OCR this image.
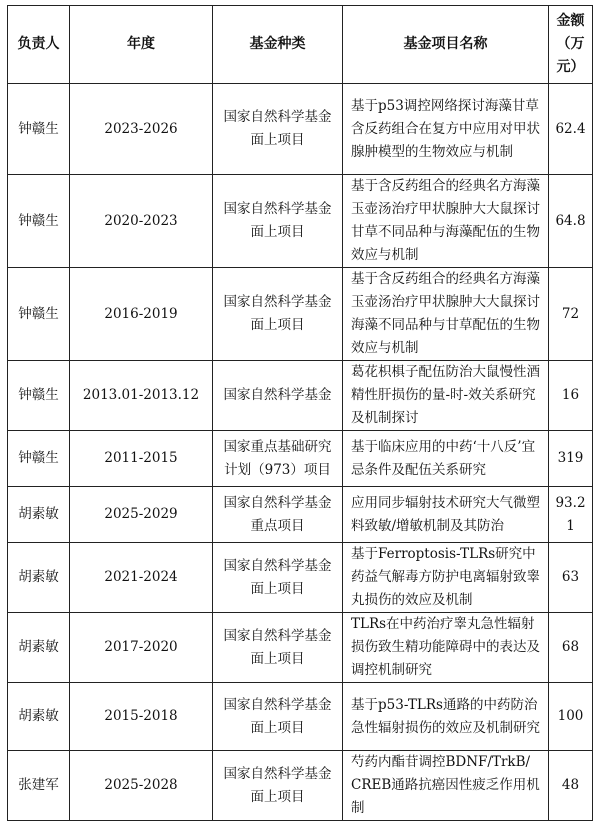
负责人	年度	基金种类	基金项目名称	金额（万元）
钟赣生	2023-2026	国家自然科学基金面上项目	基于p53调控网络探讨海藻甘草含反药组合在复方中应用对甲状腺肿模型的生物效应与机制	62.4
钟赣生	2020-2023	国家自然科学基金面上项目	基于含反药组合的经典名方海藻玉壶汤治疗甲状腺肿大大鼠探讨甘草不同品种与海藻配伍的生物效应与机制	64.8
钟赣生	2016-2019	国家自然科学基金面上项目	基于含反药组合的经典名方海藻玉壶汤治疗甲状腺肿大大鼠探讨海藻不同品种与甘草配伍的生物效应与机制	72
钟赣生	2013.01-2013.12	国家自然科学基金	葛花枳椇子配伍防治大鼠慢性酒精性肝损伤的量-时-效关系研究及机制探讨	16
钟赣生	2011-2015	国家重点基础研究计划（973）项目	基于临床应用的中药‘十八反’宜忌条件及配伍关系研究	319
胡素敏	2025-2029	国家自然科学基金重点项目	应用同步辐射技术研究大气微塑料致敏/增敏机制及其防治	93.21
胡素敏	2021-2024	国家自然科学基金面上项目	基于Ferroptosis-TLRs研究中药益气解毒方防护电离辐射致睾丸损伤的效应及机制	63
胡素敏	2017-2020	国家自然科学基金面上项目	TLRs在中药治疗睾丸急性辐射损伤致生精功能障碍中的表达及调控机制研究	68
胡素敏	2015-2018	国家自然科学基金面上项目	基于p53-TLRs通路的中药防治急性辐射损伤的效应及机制研究	100
张建军	2025-2028	国家自然科学基金面上项目	芍药内酯苷调控BDNF/TrkB/CREB通路抗癌因性疲乏作用机制	48
